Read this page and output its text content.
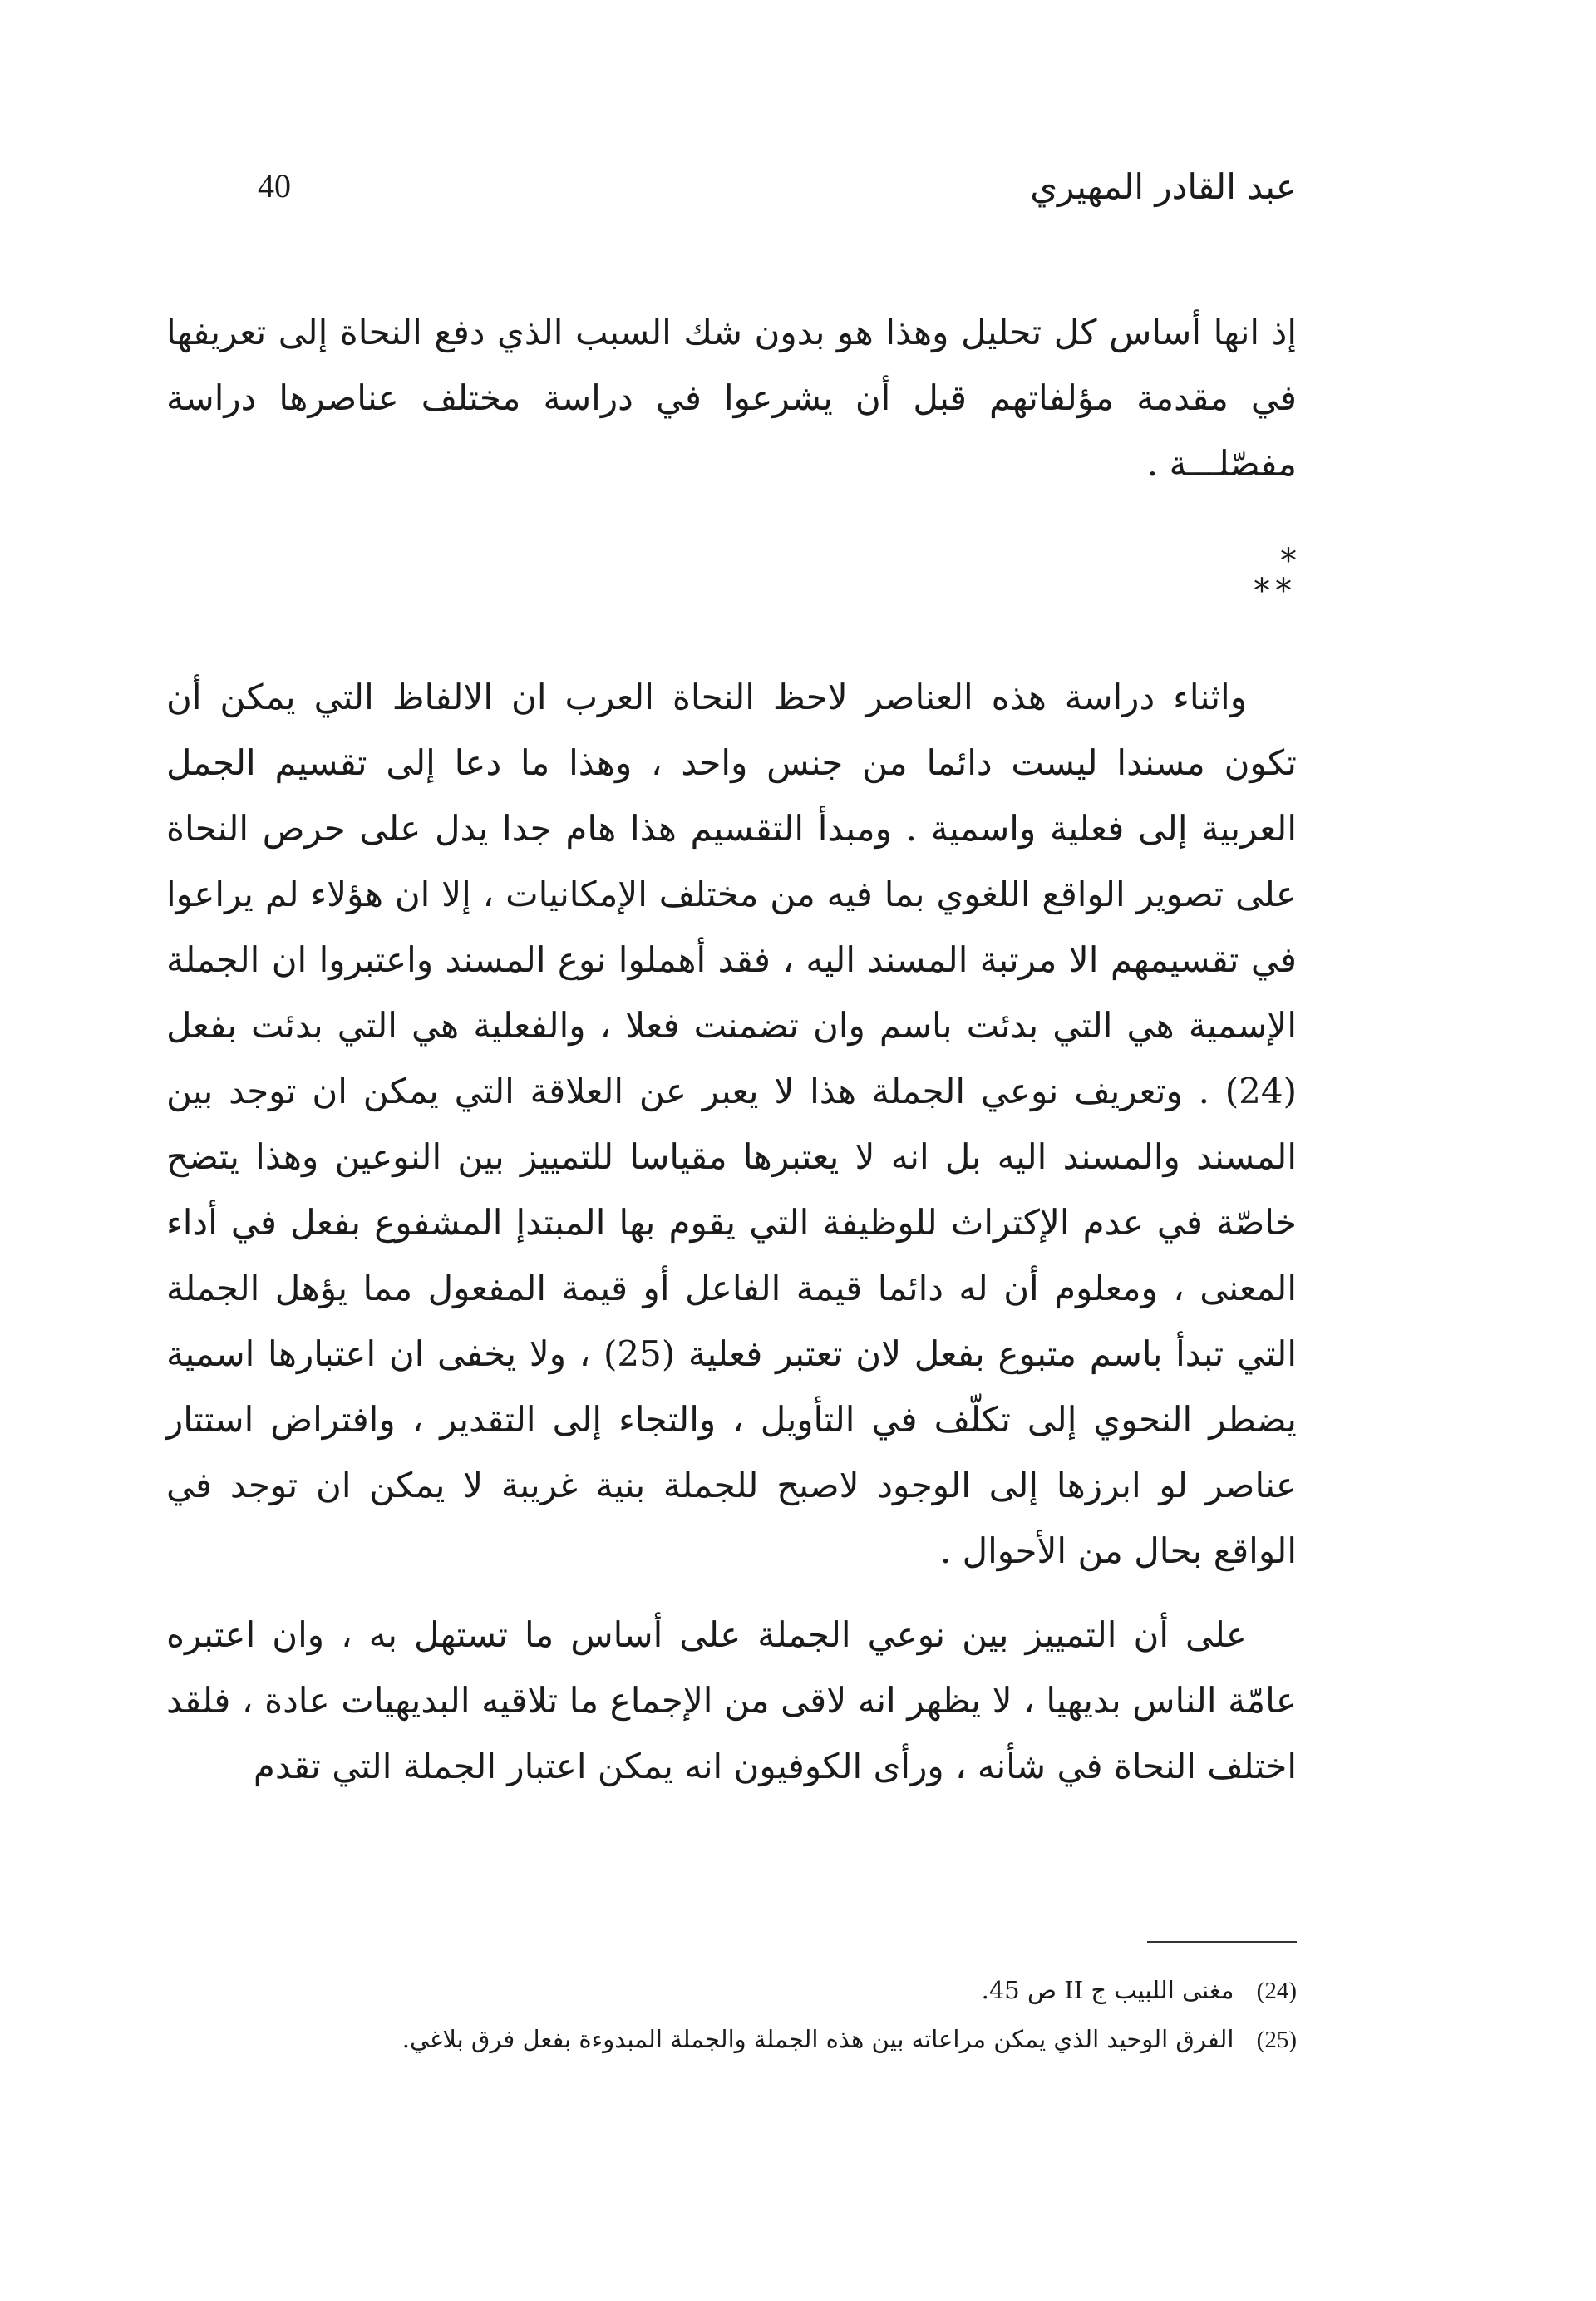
40	عبد القادر المهيري

إذ انها أساس كل تحليل وهذا هو بدون شك السبب الذي دفع النحاة إلى تعريفها في مقدمة مؤلفاتهم قبل أن يشرعوا في دراسة مختلف عناصرها دراسة مفصّلـــة .

*
**

واثناء دراسة هذه العناصر لاحظ النحاة العرب ان الالفاظ التي يمكن أن تكون مسندا ليست دائما من جنس واحد ، وهذا ما دعا إلى تقسيم الجمل العربية إلى فعلية واسمية . ومبدأ التقسيم هذا هام جدا يدل على حرص النحاة على تصوير الواقع اللغوي بما فيه من مختلف الإمكانيات ، إلا ان هؤلاء لم يراعوا في تقسيمهم الا مرتبة المسند اليه ، فقد أهملوا نوع المسند واعتبروا ان الجملة الإسمية هي التي بدئت باسم وان تضمنت فعلا ، والفعلية هي التي بدئت بفعل (24) . وتعريف نوعي الجملة هذا لا يعبر عن العلاقة التي يمكن ان توجد بين المسند والمسند اليه بل انه لا يعتبرها مقياسا للتمييز بين النوعين وهذا يتضح خاصّة في عدم الإكتراث للوظيفة التي يقوم بها المبتدإ المشفوع بفعل في أداء المعنى ، ومعلوم أن له دائما قيمة الفاعل أو قيمة المفعول مما يؤهل الجملة التي تبدأ باسم متبوع بفعل لان تعتبر فعلية (25) ، ولا يخفى ان اعتبارها اسمية يضطر النحوي إلى تكلّف في التأويل ، والتجاء إلى التقدير ، وافتراض استتار عناصر لو ابرزها إلى الوجود لاصبح للجملة بنية غريبة لا يمكن ان توجد في الواقع بحال من الأحوال .

على أن التمييز بين نوعي الجملة على أساس ما تستهل به ، وان اعتبره عامّة الناس بديهيا ، لا يظهر انه لاقى من الإجماع ما تلاقيه البديهيات عادة ، فلقد اختلف النحاة في شأنه ، ورأى الكوفيون انه يمكن اعتبار الجملة التي تقدم

(24) مغنى اللبيب ج II ص 45.

(25) الفرق الوحيد الذي يمكن مراعاته بين هذه الجملة والجملة المبدوءة بفعل فرق بلاغي.
